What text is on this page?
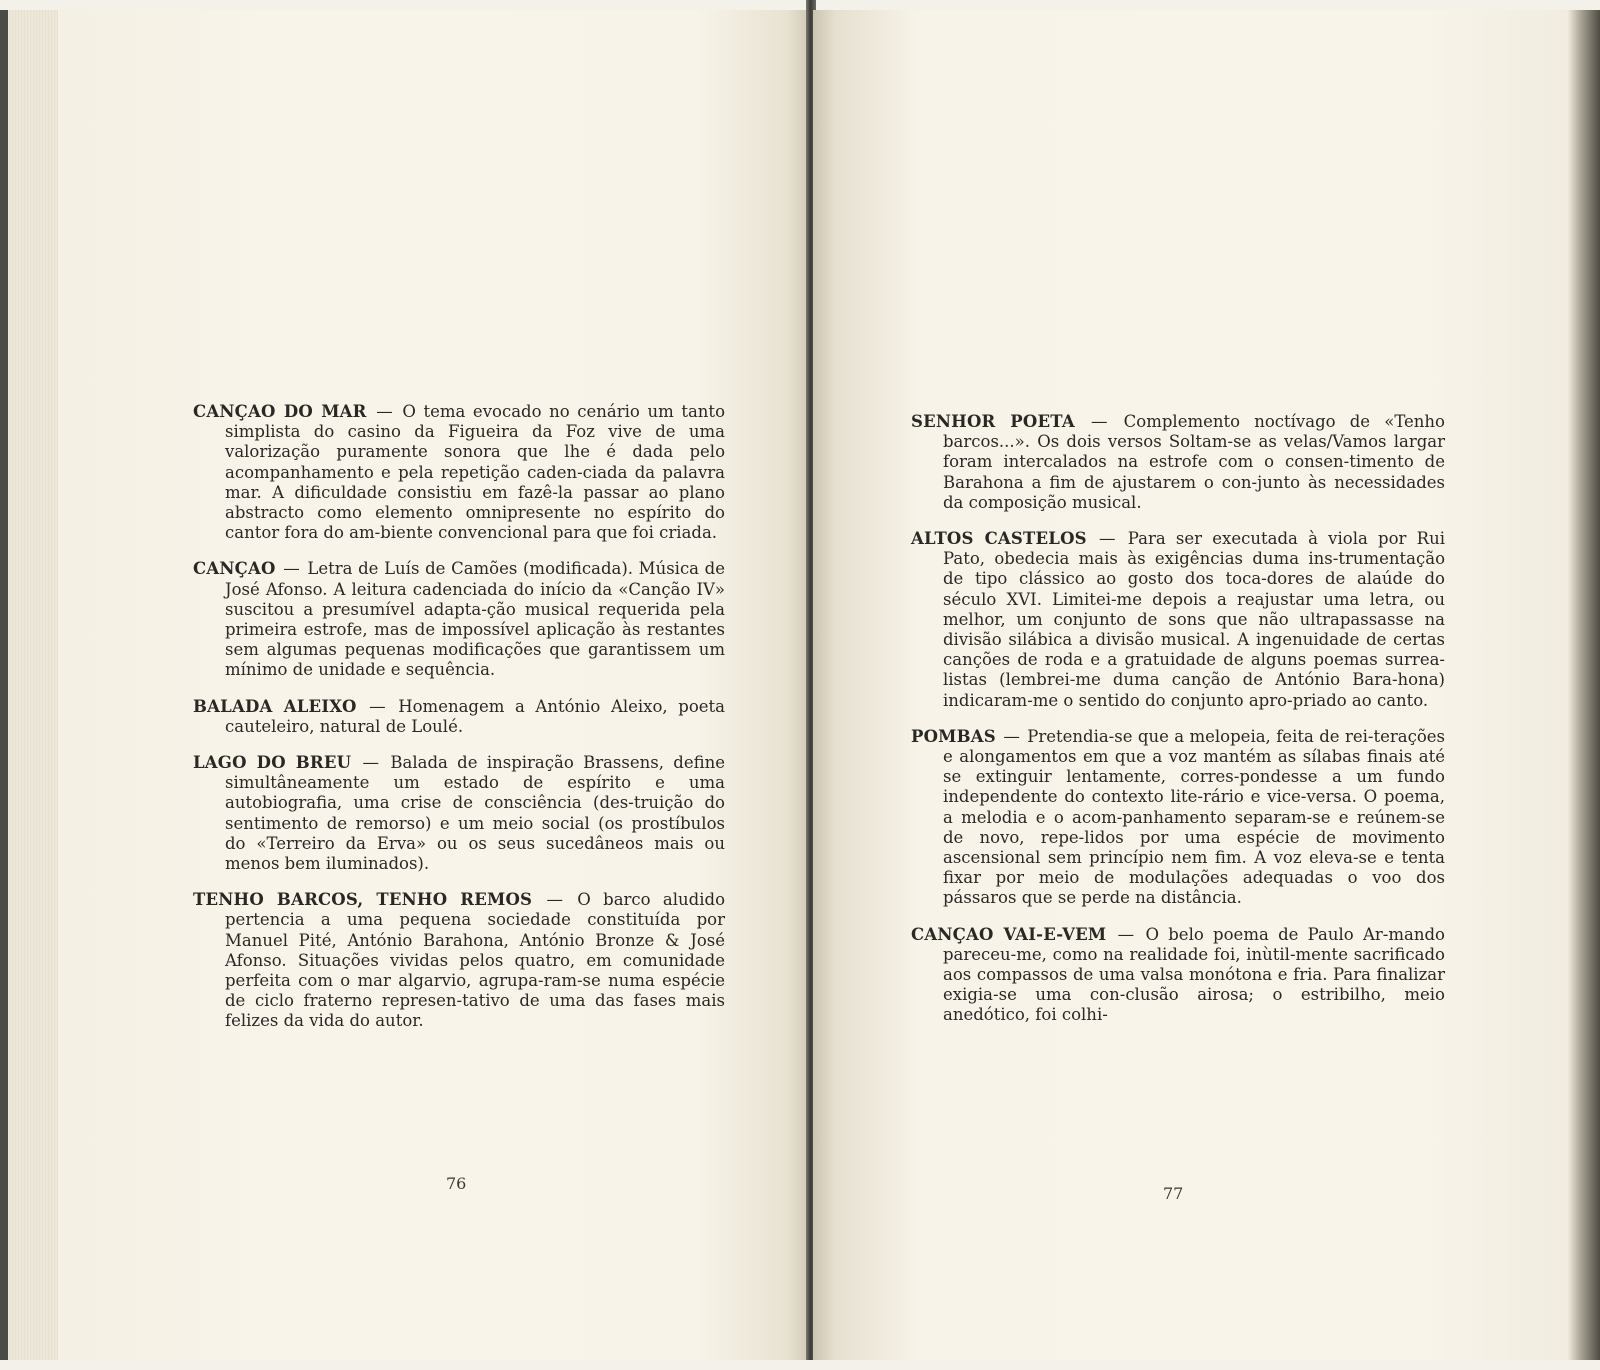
CANÇAO DO MAR — O tema evocado no cenário um tanto simplista do casino da Figueira da Foz vive de uma valorização puramente sonora que lhe é dada pelo acompanhamento e pela repetição caden-ciada da palavra mar. A dificuldade consistiu em fazê-la passar ao plano abstracto como elemento omnipresente no espírito do cantor fora do am-biente convencional para que foi criada.

CANÇAO — Letra de Luís de Camões (modificada). Música de José Afonso. A leitura cadenciada do início da «Canção IV» suscitou a presumível adapta-ção musical requerida pela primeira estrofe, mas de impossível aplicação às restantes sem algumas pequenas modificações que garantissem um mínimo de unidade e sequência.

BALADA ALEIXO — Homenagem a António Aleixo, poeta cauteleiro, natural de Loulé.

LAGO DO BREU — Balada de inspiração Brassens, define simultâneamente um estado de espírito e uma autobiografia, uma crise de consciência (des-truição do sentimento de remorso) e um meio social (os prostíbulos do «Terreiro da Erva» ou os seus sucedâneos mais ou menos bem iluminados).

TENHO BARCOS, TENHO REMOS — O barco aludido pertencia a uma pequena sociedade constituída por Manuel Pité, António Barahona, António Bronze & José Afonso. Situações vividas pelos quatro, em comunidade perfeita com o mar algarvio, agrupa-ram-se numa espécie de ciclo fraterno represen-tativo de uma das fases mais felizes da vida do autor.

76

SENHOR POETA — Complemento noctívago de «Tenho barcos...». Os dois versos Soltam-se as velas/Vamos largar foram intercalados na estrofe com o consen-timento de Barahona a fim de ajustarem o con-junto às necessidades da composição musical.

ALTOS CASTELOS — Para ser executada à viola por Rui Pato, obedecia mais às exigências duma ins-trumentação de tipo clássico ao gosto dos toca-dores de alaúde do século XVI. Limitei-me depois a reajustar uma letra, ou melhor, um conjunto de sons que não ultrapassasse na divisão silábica a divisão musical. A ingenuidade de certas canções de roda e a gratuidade de alguns poemas surrea-listas (lembrei-me duma canção de António Bara-hona) indicaram-me o sentido do conjunto apro-priado ao canto.

POMBAS — Pretendia-se que a melopeia, feita de rei-terações e alongamentos em que a voz mantém as sílabas finais até se extinguir lentamente, corres-pondesse a um fundo independente do contexto lite-rário e vice-versa. O poema, a melodia e o acom-panhamento separam-se e reúnem-se de novo, repe-lidos por uma espécie de movimento ascensional sem princípio nem fim. A voz eleva-se e tenta fixar por meio de modulações adequadas o voo dos pássaros que se perde na distância.

CANÇAO VAI-E-VEM — O belo poema de Paulo Ar-mando pareceu-me, como na realidade foi, inùtil-mente sacrificado aos compassos de uma valsa monótona e fria. Para finalizar exigia-se uma con-clusão airosa; o estribilho, meio anedótico, foi colhi-

77
